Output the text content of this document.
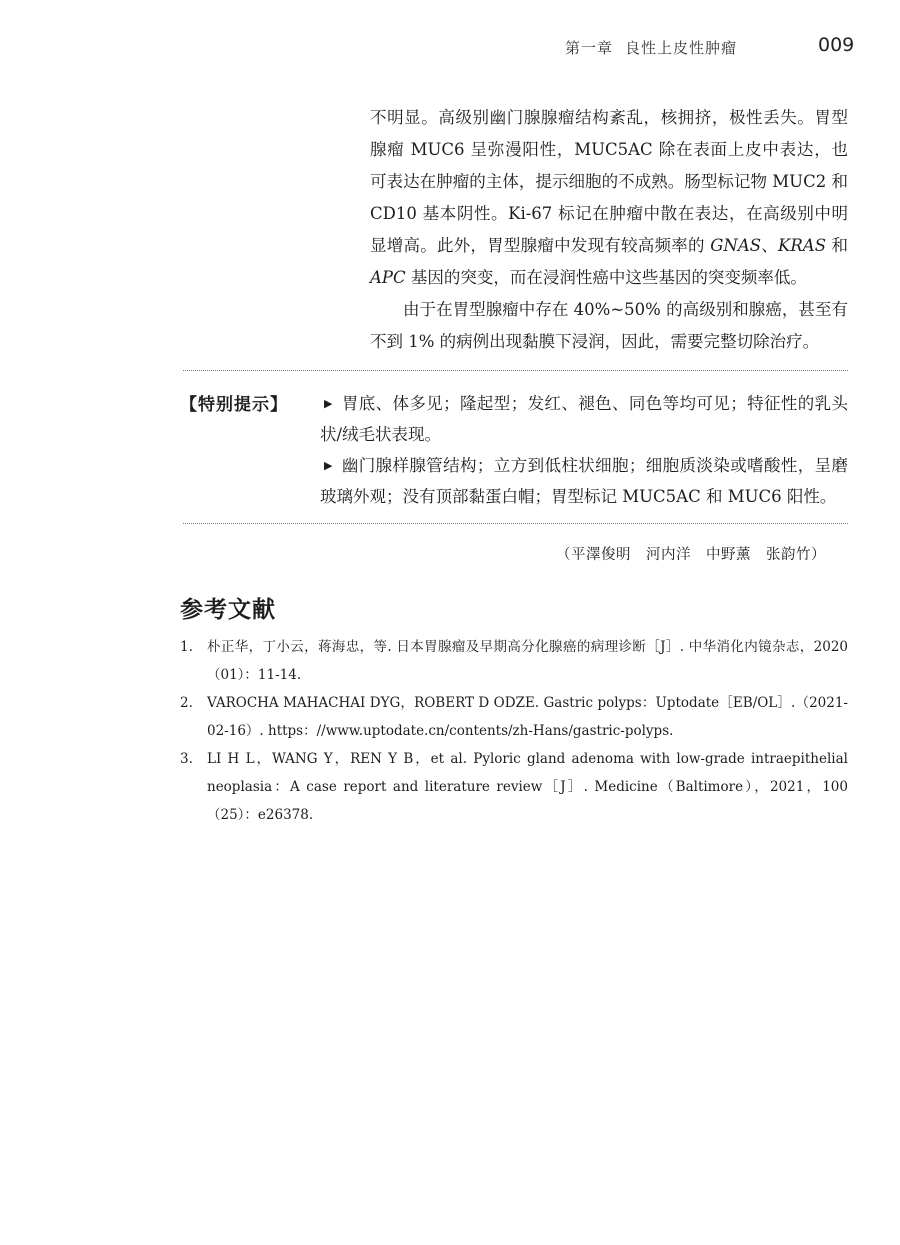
第一章 良性上皮性肿瘤	009

不明显。高级别幽门腺腺瘤结构紊乱，核拥挤，极性丢失。胃型腺瘤 MUC6 呈弥漫阳性，MUC5AC 除在表面上皮中表达，也可表达在肿瘤的主体，提示细胞的不成熟。肠型标记物 MUC2 和 CD10 基本阴性。Ki-67 标记在肿瘤中散在表达，在高级别中明显增高。此外，胃型腺瘤中发现有较高频率的 GNAS、KRAS 和 APC 基因的突变，而在浸润性癌中这些基因的突变频率低。

由于在胃型腺瘤中存在 40%~50% 的高级别和腺癌，甚至有不到 1% 的病例出现黏膜下浸润，因此，需要完整切除治疗。

【特别提示】	▶ 胃底、体多见；隆起型；发红、褪色、同色等均可见；特征性的乳头状/绒毛状表现。

▶ 幽门腺样腺管结构；立方到低柱状细胞；细胞质淡染或嗜酸性，呈磨玻璃外观；没有顶部黏蛋白帽；胃型标记 MUC5AC 和 MUC6 阳性。

（平澤俊明　河内洋　中野薰　张韵竹）
参考文献
1. 朴正华，丁小云，蒋海忠，等. 日本胃腺瘤及早期高分化腺癌的病理诊断［J］. 中华消化内镜杂志，2020（01）：11-14.
2. VAROCHA MAHACHAI DYG，ROBERT D ODZE. Gastric polyps：Uptodate［EB/OL］.（2021-02-16）. https：//www.uptodate.cn/contents/zh-Hans/gastric-polyps.
3. LI H L，WANG Y，REN Y B，et al. Pyloric gland adenoma with low-grade intraepithelial neoplasia：A case report and literature review［J］. Medicine（Baltimore），2021，100（25）：e26378.
